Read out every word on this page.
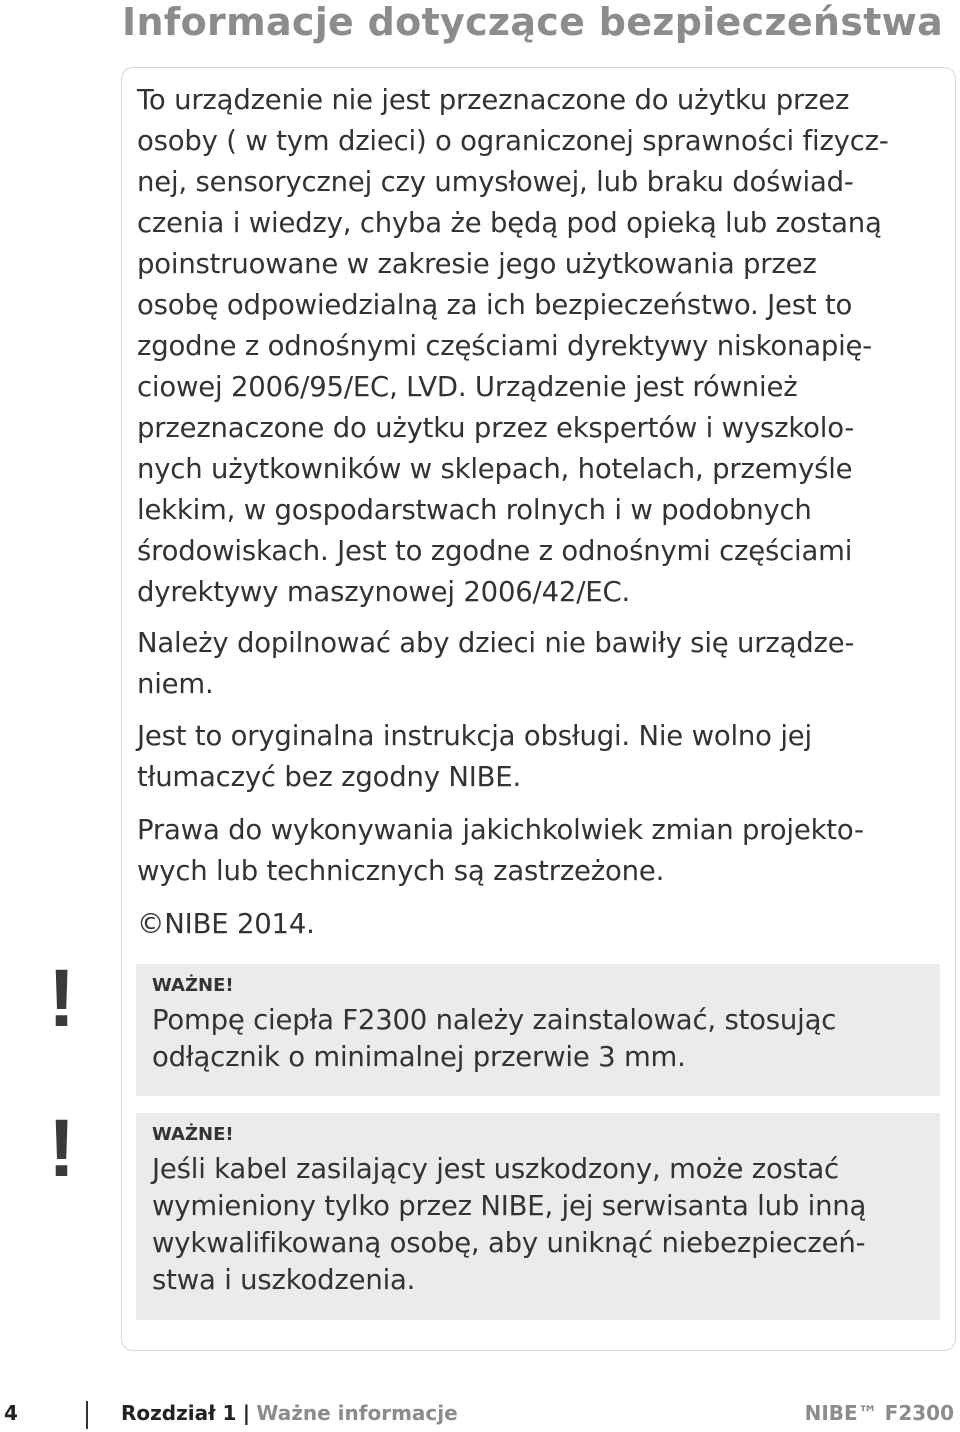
Informacje dotyczące bezpieczeństwa

To urządzenie nie jest przeznaczone do użytku przez
osoby ( w tym dzieci) o ograniczonej sprawności fizycz-
nej, sensorycznej czy umysłowej, lub braku doświad-
czenia i wiedzy, chyba że będą pod opieką lub zostaną
poinstruowane w zakresie jego użytkowania przez
osobę odpowiedzialną za ich bezpieczeństwo. Jest to
zgodne z odnośnymi częściami dyrektywy niskonapię-
ciowej 2006/95/EC, LVD. Urządzenie jest również
przeznaczone do użytku przez ekspertów i wyszkolo-
nych użytkowników w sklepach, hotelach, przemyśle
lekkim, w gospodarstwach rolnych i w podobnych
środowiskach. Jest to zgodne z odnośnymi częściami
dyrektywy maszynowej 2006/42/EC.

Należy dopilnować aby dzieci nie bawiły się urządze-
niem.

Jest to oryginalna instrukcja obsługi. Nie wolno jej
tłumaczyć bez zgodny NIBE.

Prawa do wykonywania jakichkolwiek zmian projekto-
wych lub technicznych są zastrzeżone.

©NIBE 2014.

!	WAŻNE!

Pompę ciepła F2300 należy zainstalować, stosując
odłącznik o minimalnej przerwie 3 mm.

!	WAŻNE!

Jeśli kabel zasilający jest uszkodzony, może zostać
wymieniony tylko przez NIBE, jej serwisanta lub inną
wykwalifikowaną osobę, aby uniknąć niebezpieczeń-
stwa i uszkodzenia.

4	Rozdział 1 | Ważne informacje	NIBE™ F2300
